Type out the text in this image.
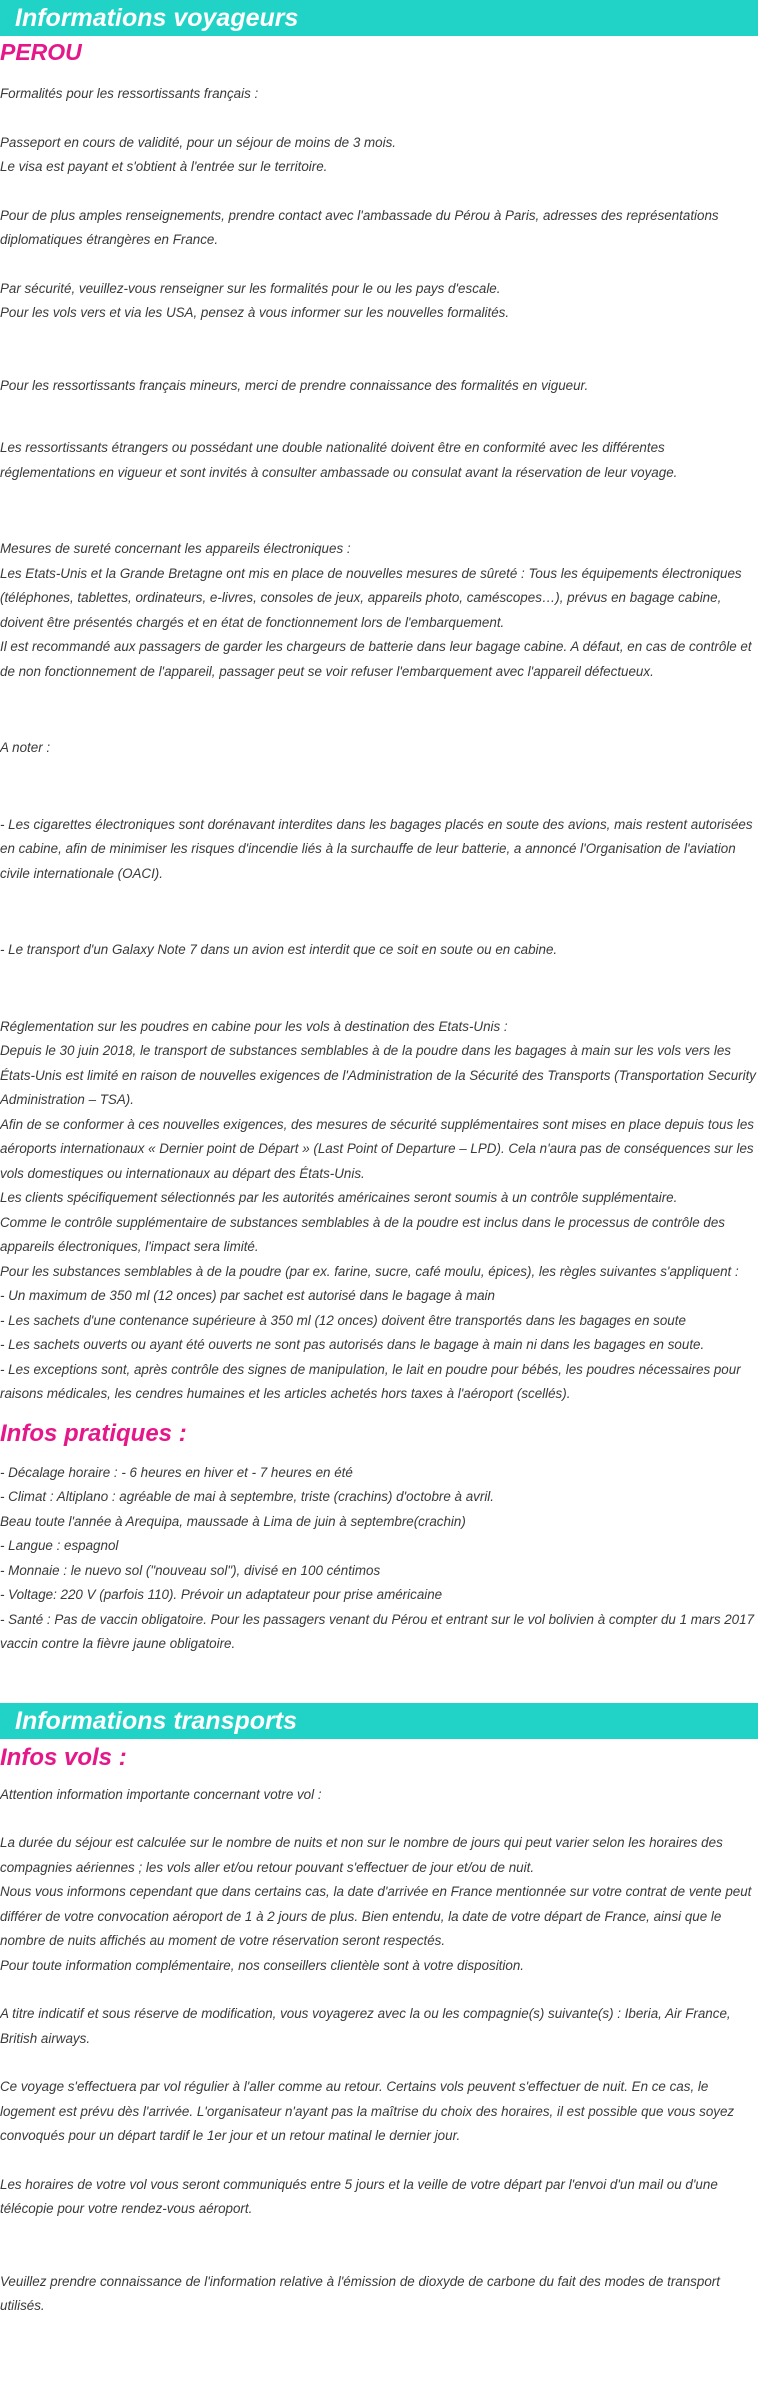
Informations voyageurs
PEROU

Formalités pour les ressortissants français :

Passeport en cours de validité, pour un séjour de moins de 3 mois.

Le visa est payant et s'obtient à l'entrée sur le territoire.

Pour de plus amples renseignements, prendre contact avec l'ambassade du Pérou à Paris, adresses des représentations diplomatiques étrangères en France.

Par sécurité, veuillez-vous renseigner sur les formalités pour le ou les pays d'escale.

Pour les vols vers et via les USA, pensez à vous informer sur les nouvelles formalités.

Pour les ressortissants français mineurs, merci de prendre connaissance des formalités en vigueur.

Les ressortissants étrangers ou possédant une double nationalité doivent être en conformité avec les différentes réglementations en vigueur et sont invités à consulter ambassade ou consulat avant la réservation de leur voyage.

Mesures de sureté concernant les appareils électroniques :

Les Etats-Unis et la Grande Bretagne ont mis en place de nouvelles mesures de sûreté : Tous les équipements électroniques (téléphones, tablettes, ordinateurs, e-livres, consoles de jeux, appareils photo, caméscopes…), prévus en bagage cabine, doivent être présentés chargés et en état de fonctionnement lors de l'embarquement.

Il est recommandé aux passagers de garder les chargeurs de batterie dans leur bagage cabine. A défaut, en cas de contrôle et de non fonctionnement de l'appareil, passager peut se voir refuser l'embarquement avec l'appareil défectueux.

A noter :

- Les cigarettes électroniques sont dorénavant interdites dans les bagages placés en soute des avions, mais restent autorisées en cabine, afin de minimiser les risques d'incendie liés à la surchauffe de leur batterie, a annoncé l'Organisation de l'aviation civile internationale (OACI).

- Le transport d'un Galaxy Note 7 dans un avion est interdit que ce soit en soute ou en cabine.

Réglementation sur les poudres en cabine pour les vols à destination des Etats-Unis :

Depuis le 30 juin 2018, le transport de substances semblables à de la poudre dans les bagages à main sur les vols vers les États-Unis est limité en raison de nouvelles exigences de l'Administration de la Sécurité des Transports (Transportation Security Administration – TSA).

Afin de se conformer à ces nouvelles exigences, des mesures de sécurité supplémentaires sont mises en place depuis tous les aéroports internationaux « Dernier point de Départ » (Last Point of Departure – LPD). Cela n'aura pas de conséquences sur les vols domestiques ou internationaux au départ des États-Unis.

Les clients spécifiquement sélectionnés par les autorités américaines seront soumis à un contrôle supplémentaire.

Comme le contrôle supplémentaire de substances semblables à de la poudre est inclus dans le processus de contrôle des appareils électroniques, l'impact sera limité.

Pour les substances semblables à de la poudre (par ex. farine, sucre, café moulu, épices), les règles suivantes s'appliquent :

- Un maximum de 350 ml (12 onces) par sachet est autorisé dans le bagage à main

- Les sachets d'une contenance supérieure à 350 ml (12 onces) doivent être transportés dans les bagages en soute

- Les sachets ouverts ou ayant été ouverts ne sont pas autorisés dans le bagage à main ni dans les bagages en soute.

- Les exceptions sont, après contrôle des signes de manipulation, le lait en poudre pour bébés, les poudres nécessaires pour raisons médicales, les cendres humaines et les articles achetés hors taxes à l'aéroport (scellés).

Infos pratiques :

- Décalage horaire : - 6 heures en hiver et - 7 heures en été

- Climat : Altiplano : agréable de mai à septembre, triste (crachins) d'octobre à avril.

Beau toute l'année à Arequipa, maussade à Lima de juin à septembre(crachin)

- Langue : espagnol

- Monnaie : le nuevo sol ("nouveau sol"), divisé en 100 céntimos

- Voltage: 220 V (parfois 110). Prévoir un adaptateur pour prise américaine

- Santé : Pas de vaccin obligatoire. Pour les passagers venant du Pérou et entrant sur le vol bolivien à compter du 1 mars 2017 vaccin contre la fièvre jaune obligatoire.

Informations transports
Infos vols :

Attention information importante concernant votre vol :

La durée du séjour est calculée sur le nombre de nuits et non sur le nombre de jours qui peut varier selon les horaires des compagnies aériennes ; les vols aller et/ou retour pouvant s'effectuer de jour et/ou de nuit.

Nous vous informons cependant que dans certains cas, la date d'arrivée en France mentionnée sur votre contrat de vente peut différer de votre convocation aéroport de 1 à 2 jours de plus. Bien entendu, la date de votre départ de France, ainsi que le nombre de nuits affichés au moment de votre réservation seront respectés.

Pour toute information complémentaire, nos conseillers clientèle sont à votre disposition.

A titre indicatif et sous réserve de modification, vous voyagerez avec la ou les compagnie(s) suivante(s) : Iberia, Air France, British airways.

Ce voyage s'effectuera par vol régulier à l'aller comme au retour. Certains vols peuvent s'effectuer de nuit. En ce cas, le logement est prévu dès l'arrivée. L'organisateur n'ayant pas la maîtrise du choix des horaires, il est possible que vous soyez convoqués pour un départ tardif le 1er jour et un retour matinal le dernier jour.

Les horaires de votre vol vous seront communiqués entre 5 jours et la veille de votre départ par l'envoi d'un mail ou d'une télécopie pour votre rendez-vous aéroport.

Veuillez prendre connaissance de l'information relative à l'émission de dioxyde de carbone du fait des modes de transport utilisés.
